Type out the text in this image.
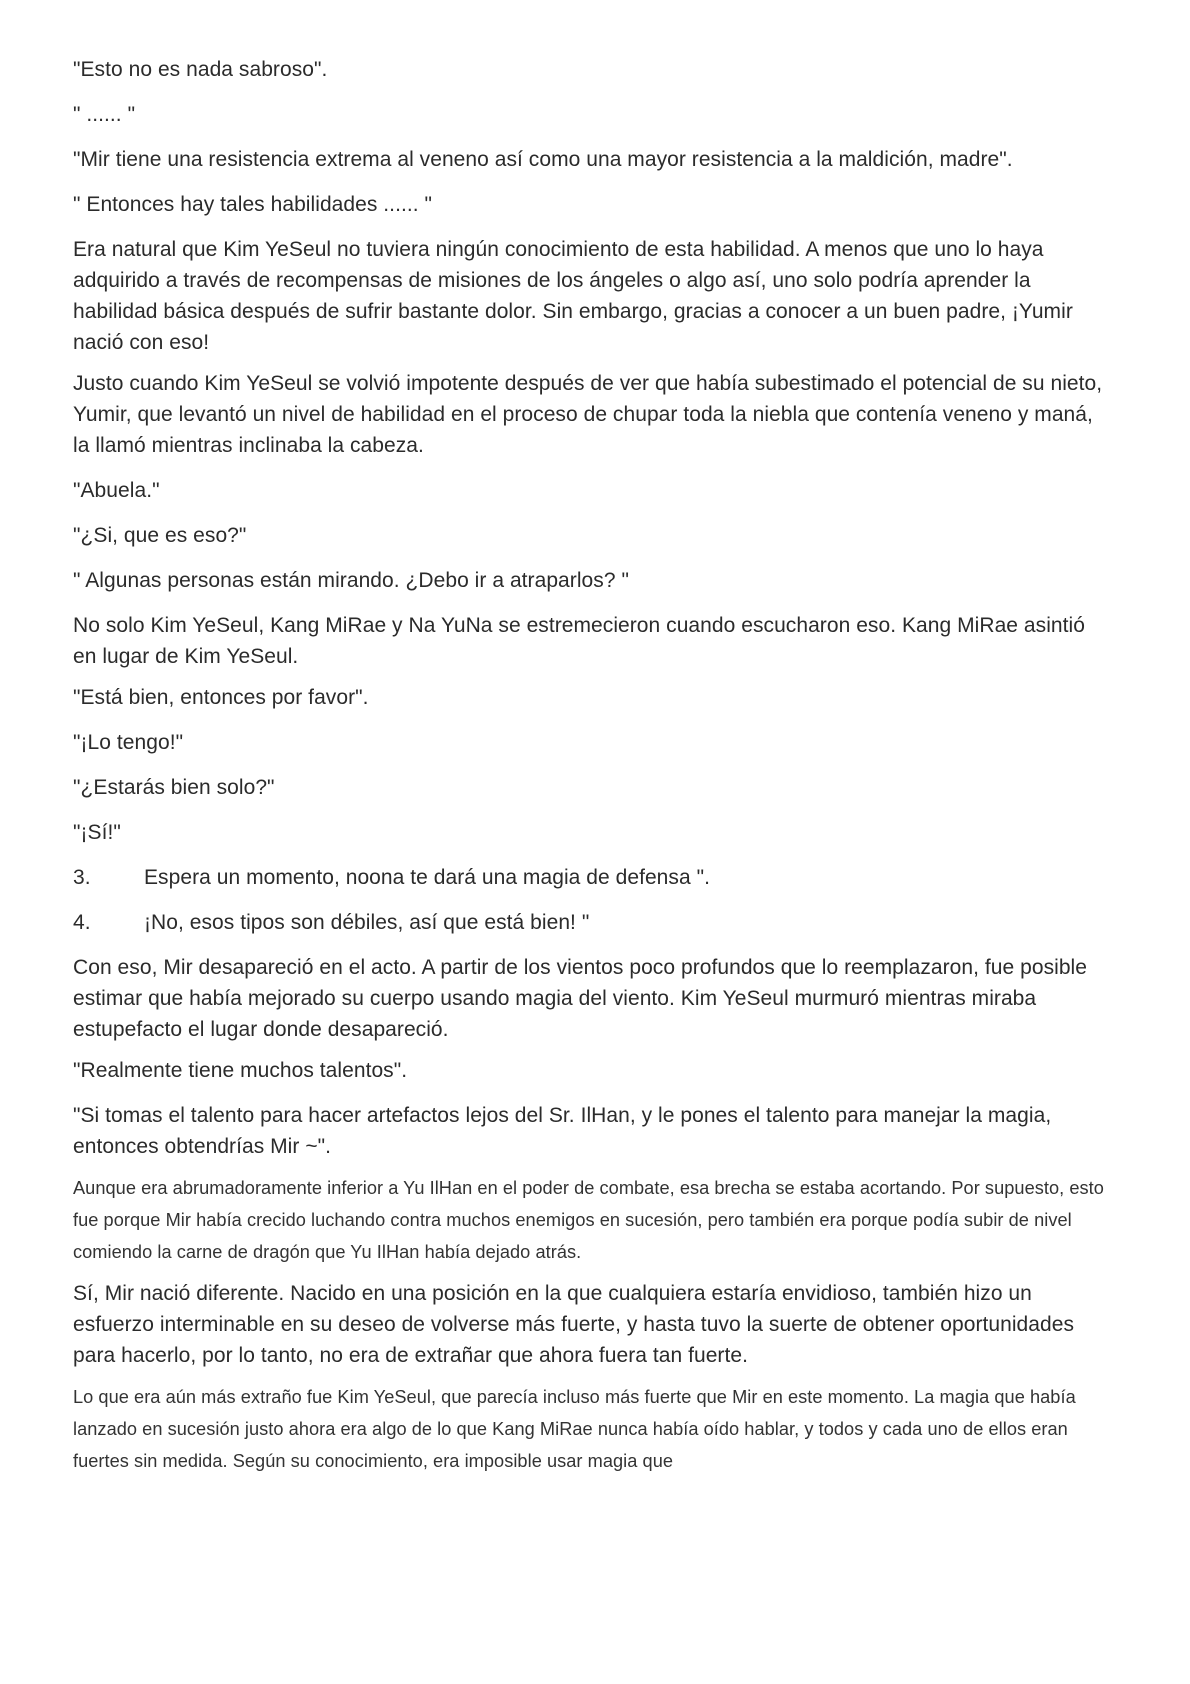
"Esto no es nada sabroso".

" ...... "

"Mir tiene una resistencia extrema al veneno así como una mayor resistencia a la maldición, madre".

" Entonces hay tales habilidades ...... "

Era natural que Kim YeSeul no tuviera ningún conocimiento de esta habilidad. A menos que uno lo haya adquirido a través de recompensas de misiones de los ángeles o algo así, uno solo podría aprender la habilidad básica después de sufrir bastante dolor. Sin embargo, gracias a conocer a un buen padre, ¡Yumir nació con eso!

Justo cuando Kim YeSeul se volvió impotente después de ver que había subestimado el potencial de su nieto, Yumir, que levantó un nivel de habilidad en el proceso de chupar toda la niebla que contenía veneno y maná, la llamó mientras inclinaba la cabeza.

"Abuela."

"¿Si, que es eso?"

" Algunas personas están mirando. ¿Debo ir a atraparlos? "

No solo Kim YeSeul, Kang MiRae y Na YuNa se estremecieron cuando escucharon eso. Kang MiRae asintió en lugar de Kim YeSeul.

"Está bien, entonces por favor".

"¡Lo tengo!"

"¿Estarás bien solo?"

"¡Sí!"

3.	Espera un momento, noona te dará una magia de defensa ".
4.	¡No, esos tipos son débiles, así que está bien! "

Con eso, Mir desapareció en el acto. A partir de los vientos poco profundos que lo reemplazaron, fue posible estimar que había mejorado su cuerpo usando magia del viento. Kim YeSeul murmuró mientras miraba estupefacto el lugar donde desapareció.

"Realmente tiene muchos talentos".

"Si tomas el talento para hacer artefactos lejos del Sr. IlHan, y le pones el talento para manejar la magia, entonces obtendrías Mir ~".

Aunque era abrumadoramente inferior a Yu IlHan en el poder de combate, esa brecha se estaba acortando. Por supuesto, esto fue porque Mir había crecido luchando contra muchos enemigos en sucesión, pero también era porque podía subir de nivel comiendo la carne de dragón que Yu IlHan había dejado atrás.

Sí, Mir nació diferente. Nacido en una posición en la que cualquiera estaría envidioso, también hizo un esfuerzo interminable en su deseo de volverse más fuerte, y hasta tuvo la suerte de obtener oportunidades para hacerlo, por lo tanto, no era de extrañar que ahora fuera tan fuerte.

Lo que era aún más extraño fue Kim YeSeul, que parecía incluso más fuerte que Mir en este momento. La magia que había lanzado en sucesión justo ahora era algo de lo que Kang MiRae nunca había oído hablar, y todos y cada uno de ellos eran fuertes sin medida. Según su conocimiento, era imposible usar magia que
